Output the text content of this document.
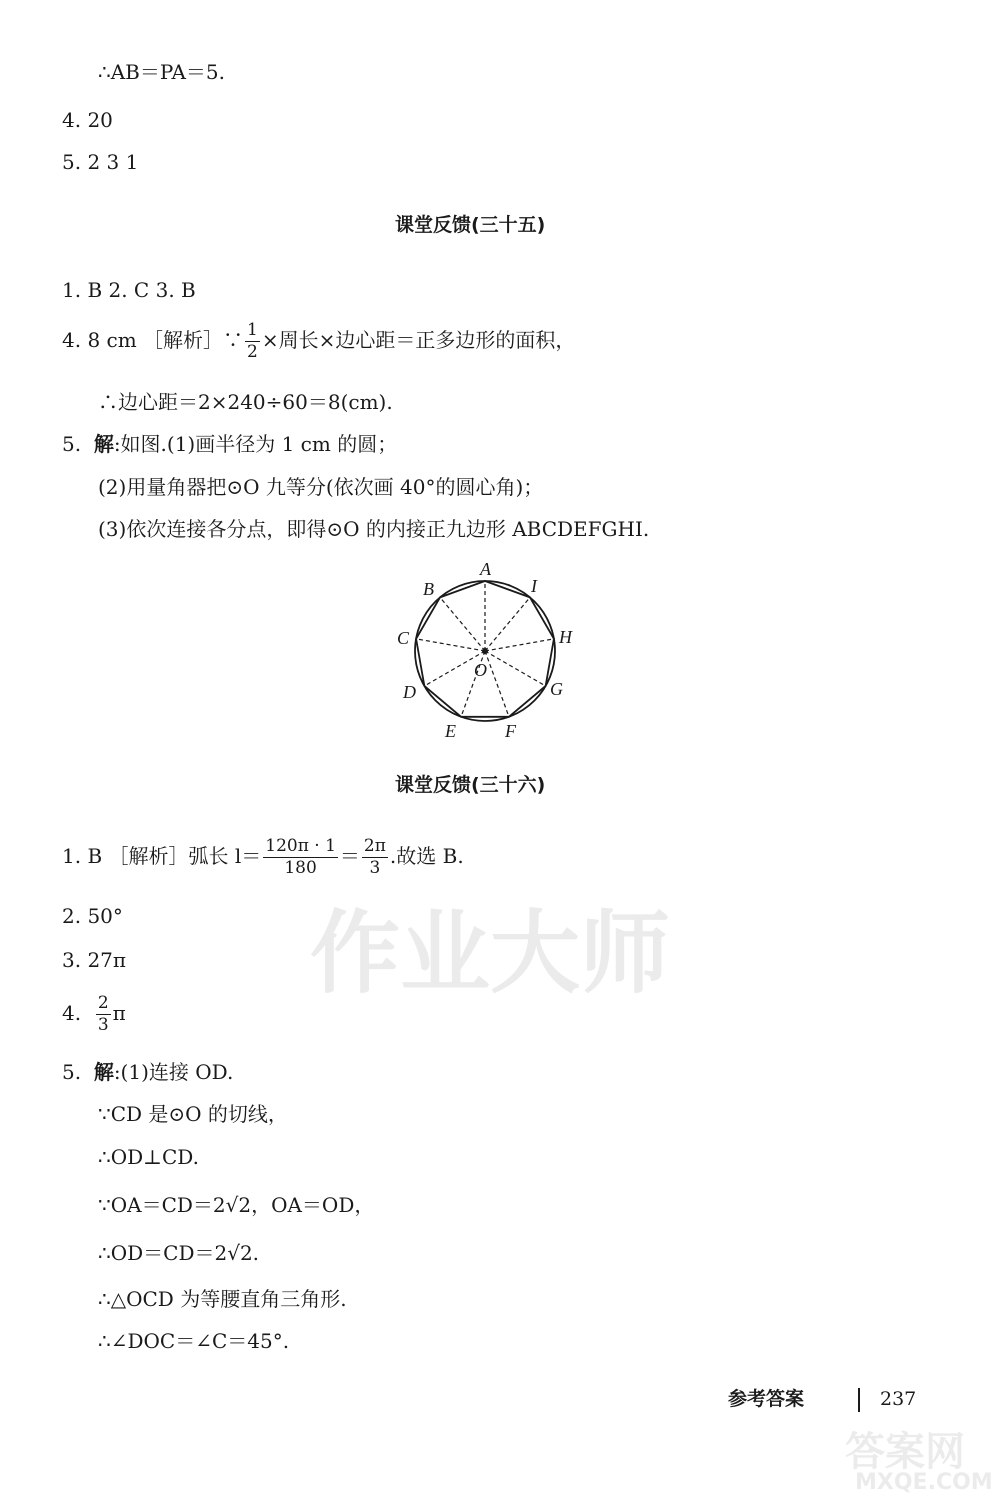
作业大师
答案网
MXQE.COM
∴AB＝PA＝5.
4. 20
5. 2 3 1
课堂反馈(三十五)
1. B 2. C 3. B
4. 8 cm ［解析］∵ $\frac{1}{2}$ ×周长×边心距＝正多边形的面积，
∴边心距＝2×240÷60＝8(cm).
5. 解:如图.(1)画半径为 1 cm 的圆；
(2)用量角器把⊙O 九等分(依次画 40°的圆心角)；
(3)依次连接各分点，即得⊙O 的内接正九边形 ABCDEFGHI.
A
B
C
D
E	F
G
H
I
O
课堂反馈(三十六)
1. B ［解析］弧长 $l= \frac{120\pi \cdot 1}{180} = \frac{2\pi}{3}$ .故选 B.
2. 50°
3. 27π
4. $\frac{2}{3}$ π
5. 解:(1)连接 OD.
∵CD 是⊙O 的切线，
∴OD⊥CD.
∵OA＝CD＝2√2，OA＝OD，
∴OD＝CD＝2√2.
∴△OCD 为等腰直角三角形.
∴∠DOC＝∠C＝45°.
参考答案	237
